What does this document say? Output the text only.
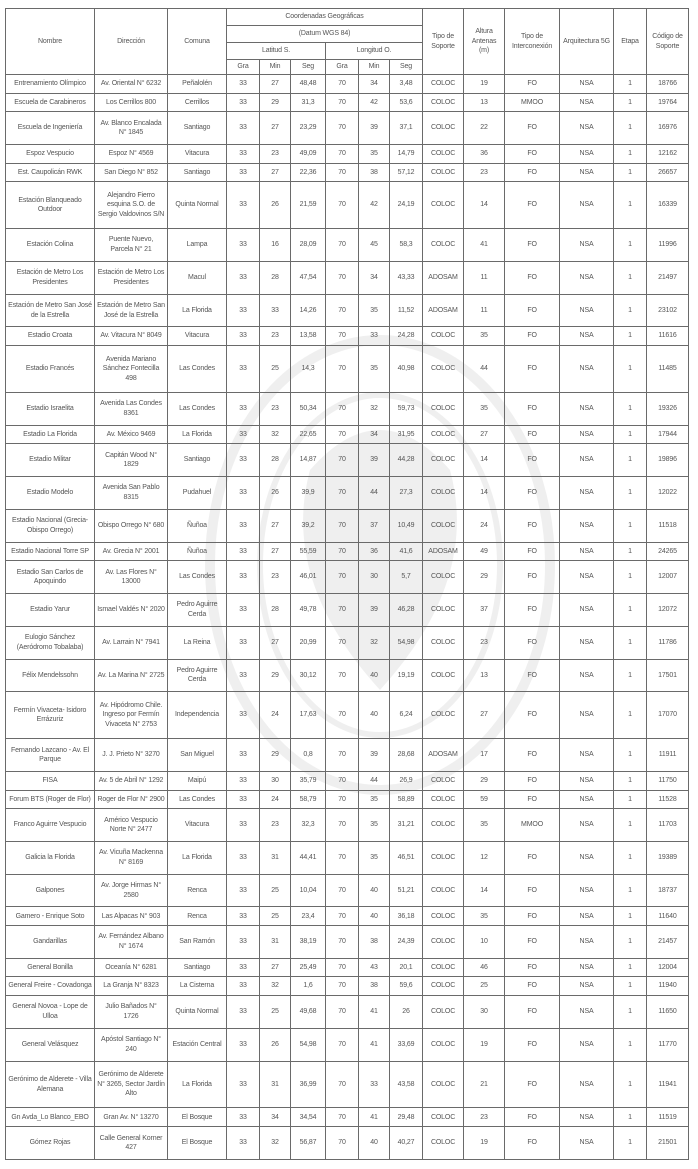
Nombre	Dirección	Comuna	Coordenadas Geográficas						Tipo de Soporte	Altura Antenas (m)	Tipo de Interconexión	Arquitectura 5G	Etapa	Código de Soporte
			(Datum WGS 84)											
			Latitud S.			Longitud O.								
			Gra	Min	Seg	Gra	Min	Seg						
Entrenamiento Olímpico	Av. Oriental N° 6232	Peñalolén	33	27	48,48	70	34	3,48	COLOC	19	FO	NSA	1	18766
Escuela de Carabineros	Los Cerrillos 800	Cerrillos	33	29	31,3	70	42	53,6	COLOC	13	MMOO	NSA	1	19764
Escuela de Ingeniería	Av. Blanco Encalada N° 1845	Santiago	33	27	23,29	70	39	37,1	COLOC	22	FO	NSA	1	16976
Espoz Vespucio	Espoz N° 4569	Vitacura	33	23	49,09	70	35	14,79	COLOC	36	FO	NSA	1	12162
Est. Caupolicán RWK	San Diego N° 852	Santiago	33	27	22,36	70	38	57,12	COLOC	23	FO	NSA	1	26657
Estación Blanqueado Outdoor	Alejandro Fierro esquina S.O. de Sergio Valdovinos S/N	Quinta Normal	33	26	21,59	70	42	24,19	COLOC	14	FO	NSA	1	16339
Estación Colina	Puente Nuevo, Parcela N° 21	Lampa	33	16	28,09	70	45	58,3	COLOC	41	FO	NSA	1	11996
Estación de Metro Los Presidentes	Estación de Metro Los Presidentes	Macul	33	28	47,54	70	34	43,33	ADOSAM	11	FO	NSA	1	21497
Estación de Metro San José de la Estrella	Estación de Metro San José de la Estrella	La Florida	33	33	14,26	70	35	11,52	ADOSAM	11	FO	NSA	1	23102
Estadio Croata	Av. Vitacura N° 8049	Vitacura	33	23	13,58	70	33	24,28	COLOC	35	FO	NSA	1	11616
Estadio Francés	Avenida Mariano Sánchez Fontecilla 498	Las Condes	33	25	14,3	70	35	40,98	COLOC	44	FO	NSA	1	11485
Estadio Israelita	Avenida Las Condes 8361	Las Condes	33	23	50,34	70	32	59,73	COLOC	35	FO	NSA	1	19326
Estadio La Florida	Av. México 9469	La Florida	33	32	22,65	70	34	31,95	COLOC	27	FO	NSA	1	17944
Estadio Militar	Capitán Wood N° 1829	Santiago	33	28	14,87	70	39	44,28	COLOC	14	FO	NSA	1	19896
Estadio Modelo	Avenida San Pablo 8315	Pudahuel	33	26	39,9	70	44	27,3	COLOC	14	FO	NSA	1	12022
Estadio Nacional (Grecia- Obispo Orrego)	Obispo Orrego N° 680	Ñuñoa	33	27	39,2	70	37	10,49	COLOC	24	FO	NSA	1	11518
Estadio Nacional Torre SP	Av. Grecia N° 2001	Ñuñoa	33	27	55,59	70	36	41,6	ADOSAM	49	FO	NSA	1	24265
Estadio San Carlos de Apoquindo	Av. Las Flores N° 13000	Las Condes	33	23	46,01	70	30	5,7	COLOC	29	FO	NSA	1	12007
Estadio Yarur	Ismael Valdés N° 2020	Pedro Aguirre Cerda	33	28	49,78	70	39	46,28	COLOC	37	FO	NSA	1	12072
Eulogio Sánchez (Aeródromo Tobalaba)	Av. Larrain N° 7941	La Reina	33	27	20,99	70	32	54,98	COLOC	23	FO	NSA	1	11786
Félix Mendelssohn	Av. La Marina N° 2725	Pedro Aguirre Cerda	33	29	30,12	70	40	19,19	COLOC	13	FO	NSA	1	17501
Fermín Vivaceta- Isidoro Errázuriz	Av. Hipódromo Chile. Ingreso por Fermín Vivaceta N° 2753	Independencia	33	24	17,63	70	40	6,24	COLOC	27	FO	NSA	1	17070
Fernando Lazcano - Av. El Parque	J. J. Prieto N° 3270	San Miguel	33	29	0,8	70	39	28,68	ADOSAM	17	FO	NSA	1	11911
FISA	Av. 5 de Abril N° 1292	Maipú	33	30	35,79	70	44	26,9	COLOC	29	FO	NSA	1	11750
Forum BTS (Roger de Flor)	Roger de Flor N° 2900	Las Condes	33	24	58,79	70	35	58,89	COLOC	59	FO	NSA	1	11528
Franco Aguirre Vespucio	Américo Vespucio Norte N° 2477	Vitacura	33	23	32,3	70	35	31,21	COLOC	35	MMOO	NSA	1	11703
Galicia la Florida	Av. Vicuña Mackenna N° 8169	La Florida	33	31	44,41	70	35	46,51	COLOC	12	FO	NSA	1	19389
Galpones	Av. Jorge Hirmas N° 2580	Renca	33	25	10,04	70	40	51,21	COLOC	14	FO	NSA	1	18737
Gamero - Enrique Soto	Las Alpacas N° 903	Renca	33	25	23,4	70	40	36,18	COLOC	35	FO	NSA	1	11640
Gandarillas	Av. Fernández Albano N° 1674	San Ramón	33	31	38,19	70	38	24,39	COLOC	10	FO	NSA	1	21457
General Bonilla	Oceanía N° 6281	Santiago	33	27	25,49	70	43	20,1	COLOC	46	FO	NSA	1	12004
General Freire - Covadonga	La Granja N° 8323	La Cisterna	33	32	1,6	70	38	59,6	COLOC	25	FO	NSA	1	11940
General Novoa - Lope de Ulloa	Julio Bañados N° 1726	Quinta Normal	33	25	49,68	70	41	26	COLOC	30	FO	NSA	1	11650
General Velásquez	Apóstol Santiago N° 240	Estación Central	33	26	54,98	70	41	33,69	COLOC	19	FO	NSA	1	11770
Gerónimo de Alderete - Villa Alemana	Gerónimo de Alderete N° 3265, Sector Jardín Alto	La Florida	33	31	36,99	70	33	43,58	COLOC	21	FO	NSA	1	11941
Gn Avda_Lo Blanco_EBO	Gran Av. N° 13270	El Bosque	33	34	34,54	70	41	29,48	COLOC	23	FO	NSA	1	11519
Gómez Rojas	Calle General Korner 427	El Bosque	33	32	56,87	70	40	40,27	COLOC	19	FO	NSA	1	21501
